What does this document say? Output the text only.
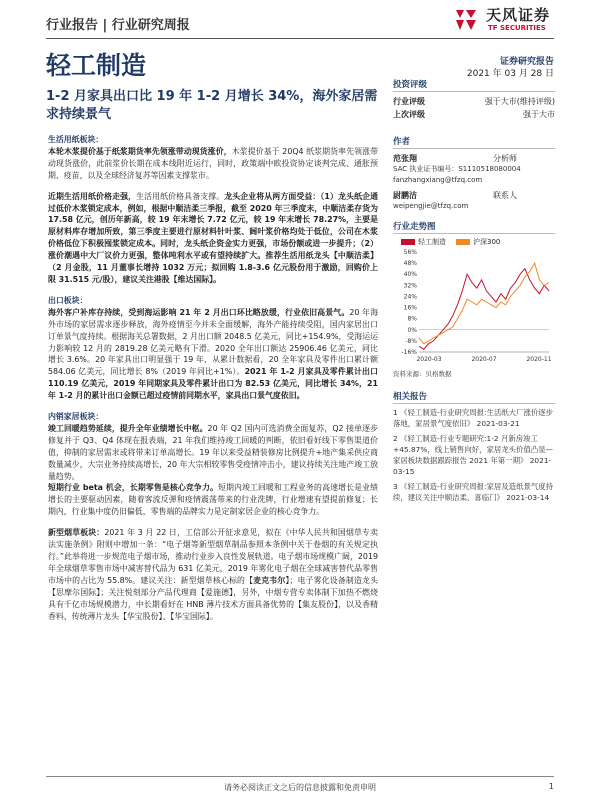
行业报告 | 行业研究周报
天风证券
TF SECURITIES
轻工制造	证券研究报告
2021 年 03 月 28 日
1-2 月家具出口比 19 年 1-2 月增长 34%，海外家居需求持续景气

生活用纸板块：

本轮木浆提价基于纸浆期货率先领涨带动现货涨价，木浆提价基于 20Q4 纸浆期货率先领涨带动现货涨价，此前浆价长期在成本线附近运行，同时，政策端中欧投资协定谈判完成、通胀预期、疫苗，以及全球经济复苏等因素支撑浆市。

近期生活用纸价格走强，生活用纸价格具备支撑。龙头企业将从两方面受益：（1）龙头纸企通过低价木浆锁定成本，例如，根据中顺洁柔三季报，截至 2020 年三季度末，中顺洁柔存货为 17.58 亿元，创历年新高，较 19 年末增长 7.72 亿元，较 19 年末增长 78.27%，主要是原材料库存增加所致，第三季度主要进行原材料针叶浆、阔叶浆价格均处于低位，公司在木浆价格低位下积极囤浆锁定成本。同时，龙头纸企资金实力更强，市场份额或进一步提升；（2）涨价潮遇中大厂议价力更强，整体吨利水平或有望持续扩大。推荐生活用纸龙头【中顺洁柔】（2 月金股，11 月董事长增持 1032 万元；拟回购 1.8-3.6 亿元股份用于激励，回购价上限 31.515 元/股），建议关注港股【维达国际】。

出口板块：

海外客户补库存持续，受到海运影响 21 年 2 月出口环比略放缓，行业依旧高景气。20 年海外市场的家居需求逐步释放，海外疫情至今并未全面缓解，海外产能持续受阻，国内家居出口订单景气度持续。根据海关总署数据，2 月出口额 2048.5 亿美元，同比+154.9%，受海运运力影响较 12 月的 2819.28 亿美元略有下滑。2020 全年出口额达 25906.46 亿美元，同比增长 3.6%。20 年家具出口明显强于 19 年，从累计数据看，20 全年家具及零件出口累计额 584.06 亿美元，同比增长 8%（2019 年同比+1%）。2021 年 1-2 月家具及零件累计出口 110.19 亿美元，2019 年同期家具及零件累计出口为 82.53 亿美元，同比增长 34%，21 年 1-2 月的累计出口金额已超过疫情前同期水平，家具出口景气度依旧。

内销家居板块：

竣工回暖趋势延续，提升全年业绩增长中枢。20 年 Q2 国内可选消费全面复苏，Q2 接单逐步修复并于 Q3、Q4 体现在报表端，21 年我们维持竣工回暖的判断，依旧看好线下零售渠道价值，抑制的家居需求或将带来订单高增长。19 年以来受益精装修房比例提升+地产集采供应商数量减少，大宗业务持续高增长，20 年大宗相较零售受疫情冲击小，建议持续关注地产竣工放量趋势。

短期行业 beta 机会，长期零售是核心竞争力。短期内竣工回暖和工程业务的高速增长是业绩增长的主要驱动因素，随着客流反弹和疫情震荡带来的行业洗牌，行业增速有望提前修复；长期内，行业集中度仍旧偏低，零售端的品牌实力是定制家居企业的核心竞争力。

新型烟草板块：2021 年 3 月 22 日，工信部公开征求意见，拟在《中华人民共和国烟草专卖法实施条例》附则中增加一条：“电子烟等新型烟草制品参照本条例中关于卷烟的有关规定执行。”此举将进一步规范电子烟市场，推动行业步入良性发展轨道。电子烟市场规模广阔，2019 年全球烟草零售市场中减害替代品为 631 亿美元，2019 年雾化电子烟在全球减害替代品零售市场中的占比为 55.8%。建议关注：新型烟草核心标的【麦克韦尔】；电子雾化设备制造龙头【思摩尔国际】；关注悦刻部分产品代理商【爱施德】，另外，中烟专营专卖体制下加热不燃烧具有千亿市场规模潜力，中长期看好在 HNB 薄片技术方面具备优势的【集友股份】，以及香精香料、传统薄片龙头【华宝股份】、【华宝国际】。

投资评级
行业评级	强于大市(维持评级)
上次评级	强于大市
作者
范张翔	分析师
SAC 执业证书编号：S1110518080004
fanzhangxiang@tfzq.com
尉鹏洁	联系人
weipengjie@tfzq.com
行业走势图
轻工制造	沪深300
56%
48%
40%
32%
24%
16%
8%
0%
-8%
-16%
2020-03	2020-07	2020-11
资料来源：贝格数据
相关报告
1 《轻工制造-行业研究周报:生活纸大厂涨价逐步落地，家居景气度依旧》 2021-03-21
2 《轻工制造-行业专题研究:1-2 月新房竣工+45.87%，线上销售向好，家居龙头价值凸显—家居板块数据跟踪报告 2021 年第一期》 2021-03-15
3 《轻工制造-行业研究周报:家居及造纸景气度持续，建议关注中顺洁柔、喜临门》 2021-03-14
请务必阅读正文之后的信息披露和免责申明	1
